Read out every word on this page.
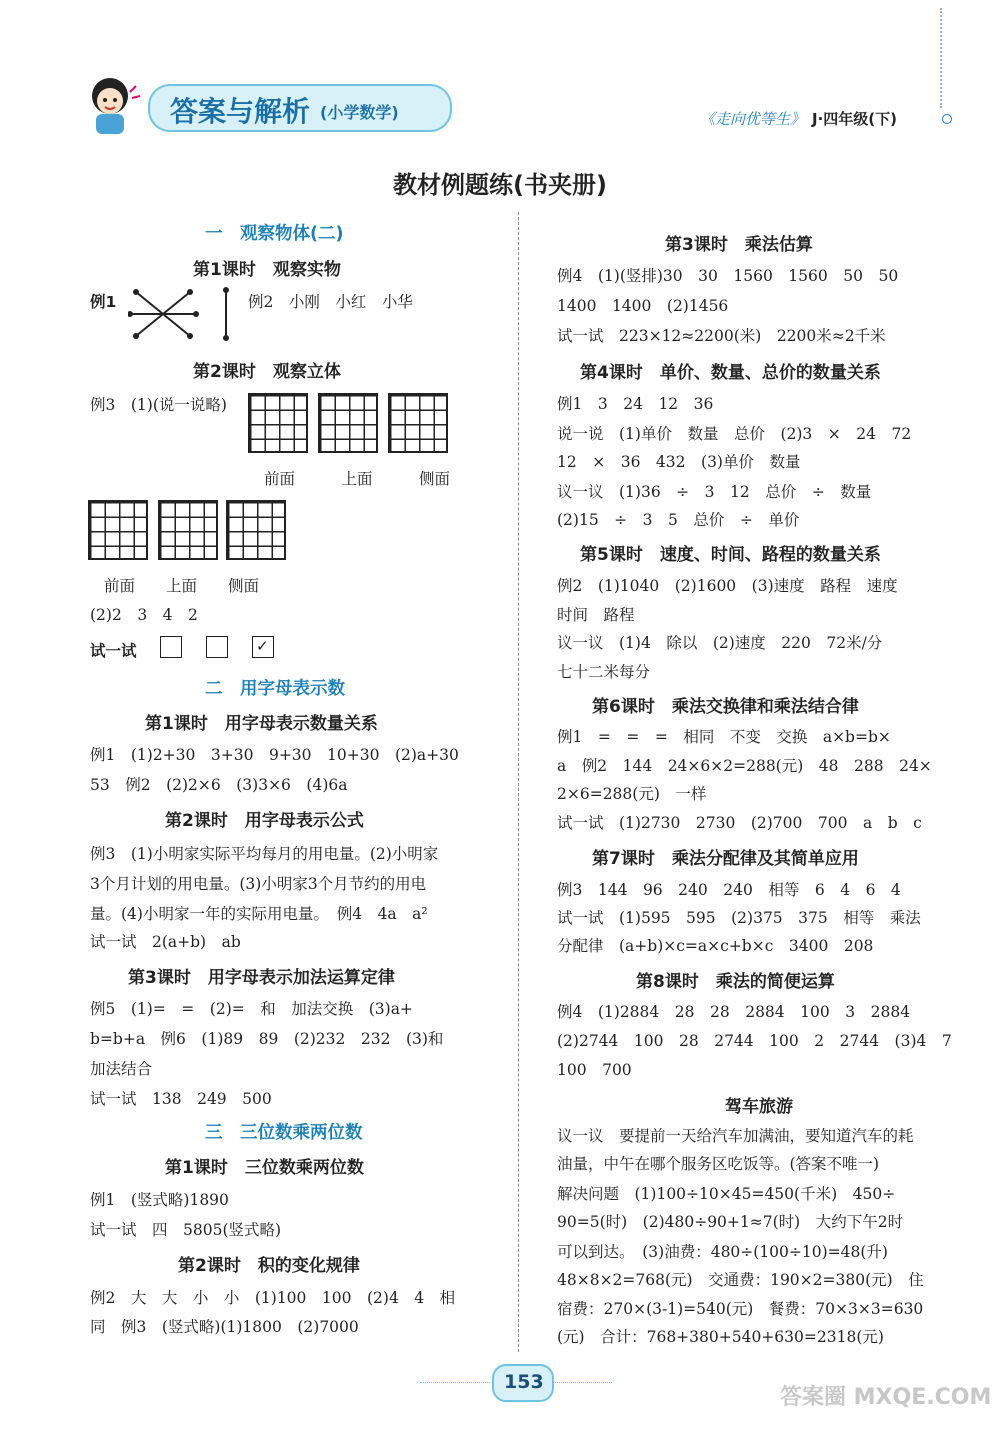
答案与解析 (小学数学)	《走向优等生》 J·四年级(下)
教材例题练(书夹册)
一　观察物体(二)
第1课时　观察实物
例1	例2　小刚　小红　小华
第2课时　观察立体
例3　(1)(说一说略)
前面　　　上面　　　侧面
前面　　上面　　侧面
(2)2　3　4　2
试一试	✓
二　用字母表示数
第1课时　用字母表示数量关系
例1　(1)2+30　3+30　9+30　10+30　(2)a+30
53　例2　(2)2×6　(3)3×6　(4)6a
第2课时　用字母表示公式
例3　(1)小明家实际平均每月的用电量。(2)小明家
3个月计划的用电量。(3)小明家3个月节约的用电
量。(4)小明家一年的实际用电量。　例4　4a　a²
试一试　2(a+b)　ab
第3课时　用字母表示加法运算定律
例5　(1)=　=　(2)=　和　加法交换　(3)a+
b=b+a　例6　(1)89　89　(2)232　232　(3)和
加法结合
试一试　138　249　500
三　三位数乘两位数
第1课时　三位数乘两位数
例1　(竖式略)1890
试一试　四　5805(竖式略)
第2课时　积的变化规律
例2　大　大　小　小　(1)100　100　(2)4　4　相
同　例3　(竖式略)(1)1800　(2)7000
第3课时　乘法估算
例4　(1)(竖排)30　30　1560　1560　50　50
1400　1400　(2)1456
试一试　223×12≈2200(米)　2200米≈2千米
第4课时　单价、数量、总价的数量关系
例1　3　24　12　36
说一说　(1)单价　数量　总价　(2)3　×　24　72
12　×　36　432　(3)单价　数量
议一议　(1)36　÷　3　12　总价　÷　数量
(2)15　÷　3　5　总价　÷　单价
第5课时　速度、时间、路程的数量关系
例2　(1)1040　(2)1600　(3)速度　路程　速度
时间　路程
议一议　(1)4　除以　(2)速度　220　72米/分
七十二米每分
第6课时　乘法交换律和乘法结合律
例1　=　=　=　相同　不变　交换　a×b=b×
a　例2　144　24×6×2=288(元)　48　288　24×
2×6=288(元)　一样
试一试　(1)2730　2730　(2)700　700　a　b　c
第7课时　乘法分配律及其简单应用
例3　144　96　240　240　相等　6　4　6　4
试一试　(1)595　595　(2)375　375　相等　乘法
分配律　(a+b)×c=a×c+b×c　3400　208
第8课时　乘法的简便运算
例4　(1)2884　28　28　2884　100　3　2884
(2)2744　100　28　2744　100　2　2744　(3)4　7
100　700
驾车旅游
议一议　要提前一天给汽车加满油，要知道汽车的耗
油量，中午在哪个服务区吃饭等。(答案不唯一)
解决问题　(1)100÷10×45=450(千米)　450÷
90=5(时)　(2)480÷90+1≈7(时)　大约下午2时
可以到达。　(3)油费：480÷(100÷10)=48(升)
48×8×2=768(元)　交通费：190×2=380(元)　住
宿费：270×(3-1)=540(元)　餐费：70×3×3=630
(元)　合计：768+380+540+630=2318(元)
153
答案圈 MXQE.COM
